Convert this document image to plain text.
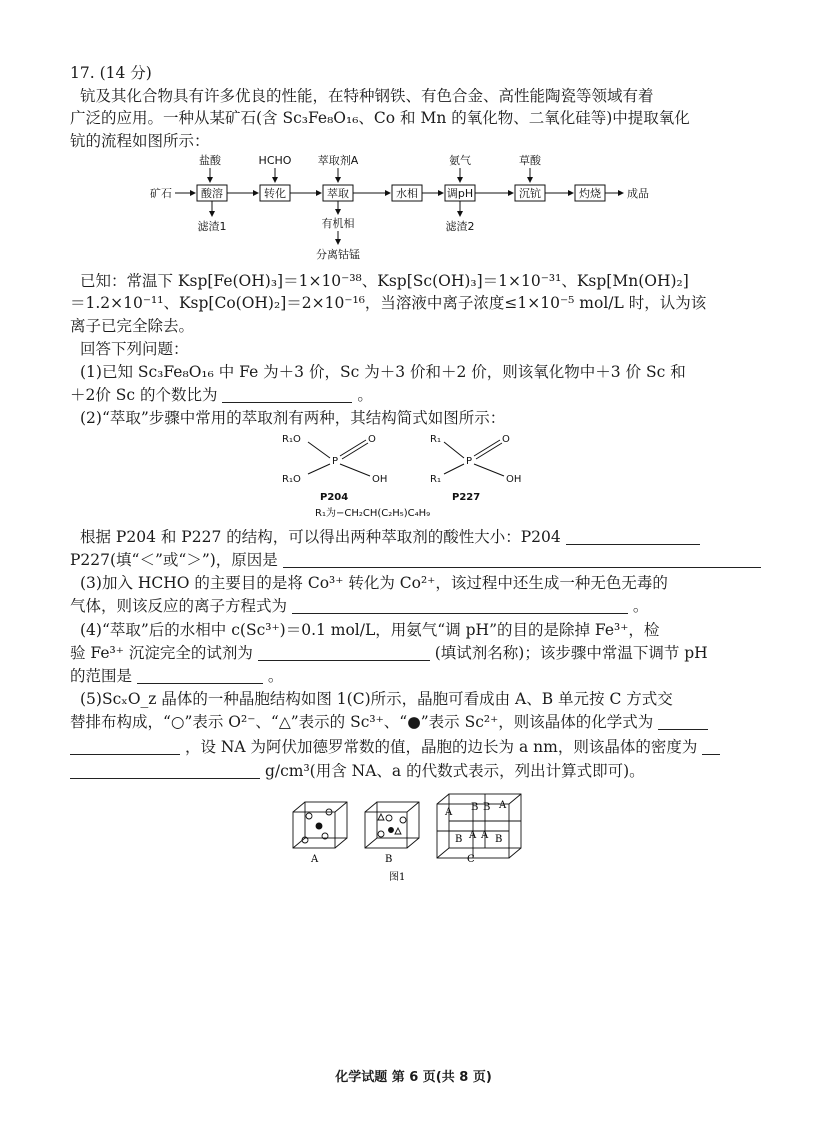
17. (14 分)
钪及其化合物具有许多优良的性能，在特种钢铁、有色合金、高性能陶瓷等领域有着
广泛的应用。一种从某矿石(含 Sc₃Fe₈O₁₆、Co 和 Mn 的氧化物、二氧化硅等)中提取氧化
钪的流程如图所示：
盐酸	HCHO 萃取剂A	氨气	草酸
矿石	酸溶	转化	萃取	水相	调pH	沉钪	灼烧 成品
滤渣1	有机相
分离钴锰
滤渣2
已知：常温下 Ksp[Fe(OH)₃]＝1×10⁻³⁸、Ksp[Sc(OH)₃]＝1×10⁻³¹、Ksp[Mn(OH)₂]
＝1.2×10⁻¹¹、Ksp[Co(OH)₂]＝2×10⁻¹⁶，当溶液中离子浓度≤1×10⁻⁵ mol/L 时，认为该
离子已完全除去。
回答下列问题：
(1)已知 Sc₃Fe₈O₁₆ 中 Fe 为＋3 价，Sc 为＋3 价和＋2 价，则该氧化物中＋3 价 Sc 和
＋2价 Sc 的个数比为	。
(2)“萃取”步骤中常用的萃取剂有两种，其结构简式如图所示：
R₁O
R₁O
P
O
OH
P204
R₁
R₁
P
O
OH
P227
R₁为−CH₂CH(C₂H₅)C₄H₉
根据 P204 和 P227 的结构，可以得出两种萃取剂的酸性大小：P204
P227(填“＜”或“＞”)，原因是
(3)加入 HCHO 的主要目的是将 Co³⁺ 转化为 Co²⁺，该过程中还生成一种无色无毒的
气体，则该反应的离子方程式为	。
(4)“萃取”后的水相中 c(Sc³⁺)＝0.1 mol/L，用氨气“调 pH”的目的是除掉 Fe³⁺，检
验 Fe³⁺ 沉淀完全的试剂为	(填试剂名称)；该步骤中常温下调节 pH
的范围是	。
(5)ScₓO_z 晶体的一种晶胞结构如图 1(C)所示，晶胞可看成由 A、B 单元按 C 方式交
替排布构成，“○”表示 O²⁻、“△”表示的 Sc³⁺、“●”表示 Sc²⁺，则该晶体的化学式为
，设 NA 为阿伏加德罗常数的值，晶胞的边长为 a nm，则该晶体的密度为
g/cm³(用含 NA、a 的代数式表示，列出计算式即可)。
A B B A
B A A B
A	B	C
图1
化学试题 第 6 页(共 8 页)
